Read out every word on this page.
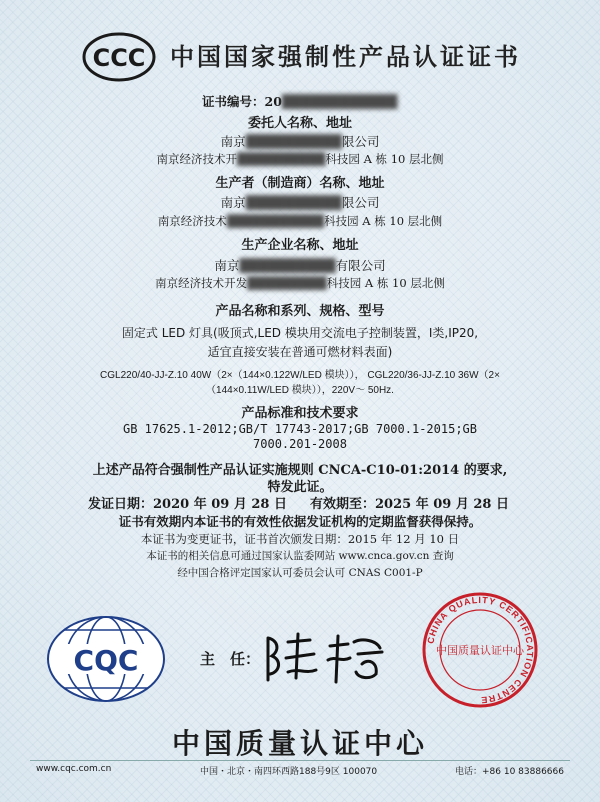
CCC 中国国家强制性产品认证证书
证书编号：20████████████
委托人名称、地址
南京██████████限公司
南京经济技术开██████████科技园 A 栋 10 层北侧
生产者（制造商）名称、地址
南京██████████限公司
南京经济技术███████████科技园 A 栋 10 层北侧
生产企业名称、地址
南京██████████有限公司
南京经济技术开发█████████科技园 A 栋 10 层北侧
产品名称和系列、规格、型号
固定式 LED 灯具(吸顶式,LED 模块用交流电子控制装置，Ⅰ类,IP20,
适宜直接安装在普通可燃材料表面)
CGL220/40-JJ-Z.10 40W（2×（144×0.122W/LED 模块））， CGL220/36-JJ-Z.10 36W（2×
（144×0.11W/LED 模块）），220V～ 50Hz.
产品标准和技术要求
GB 17625.1-2012;GB/T 17743-2017;GB 7000.1-2015;GB
7000.201-2008
上述产品符合强制性产品认证实施规则 CNCA-C10-01:2014 的要求,
特发此证。
发证日期：2020 年 09 月 28 日 有效期至：2025 年 09 月 28 日
证书有效期内本证书的有效性依据发证机构的定期监督获得保持。
本证书为变更证书，证书首次颁发日期：2015 年 12 月 10 日
本证书的相关信息可通过国家认监委网站 www.cnca.gov.cn 查询
经中国合格评定国家认可委员会认可 CNAS C001-P
CQC	主　任：
CHINA QUALITY CERTIFICATION CENTRE
中国质量认证中心
中国质量认证中心
www.cqc.com.cn	中国・北京・南四环西路188号9区 100070	电话：+86 10 83886666
